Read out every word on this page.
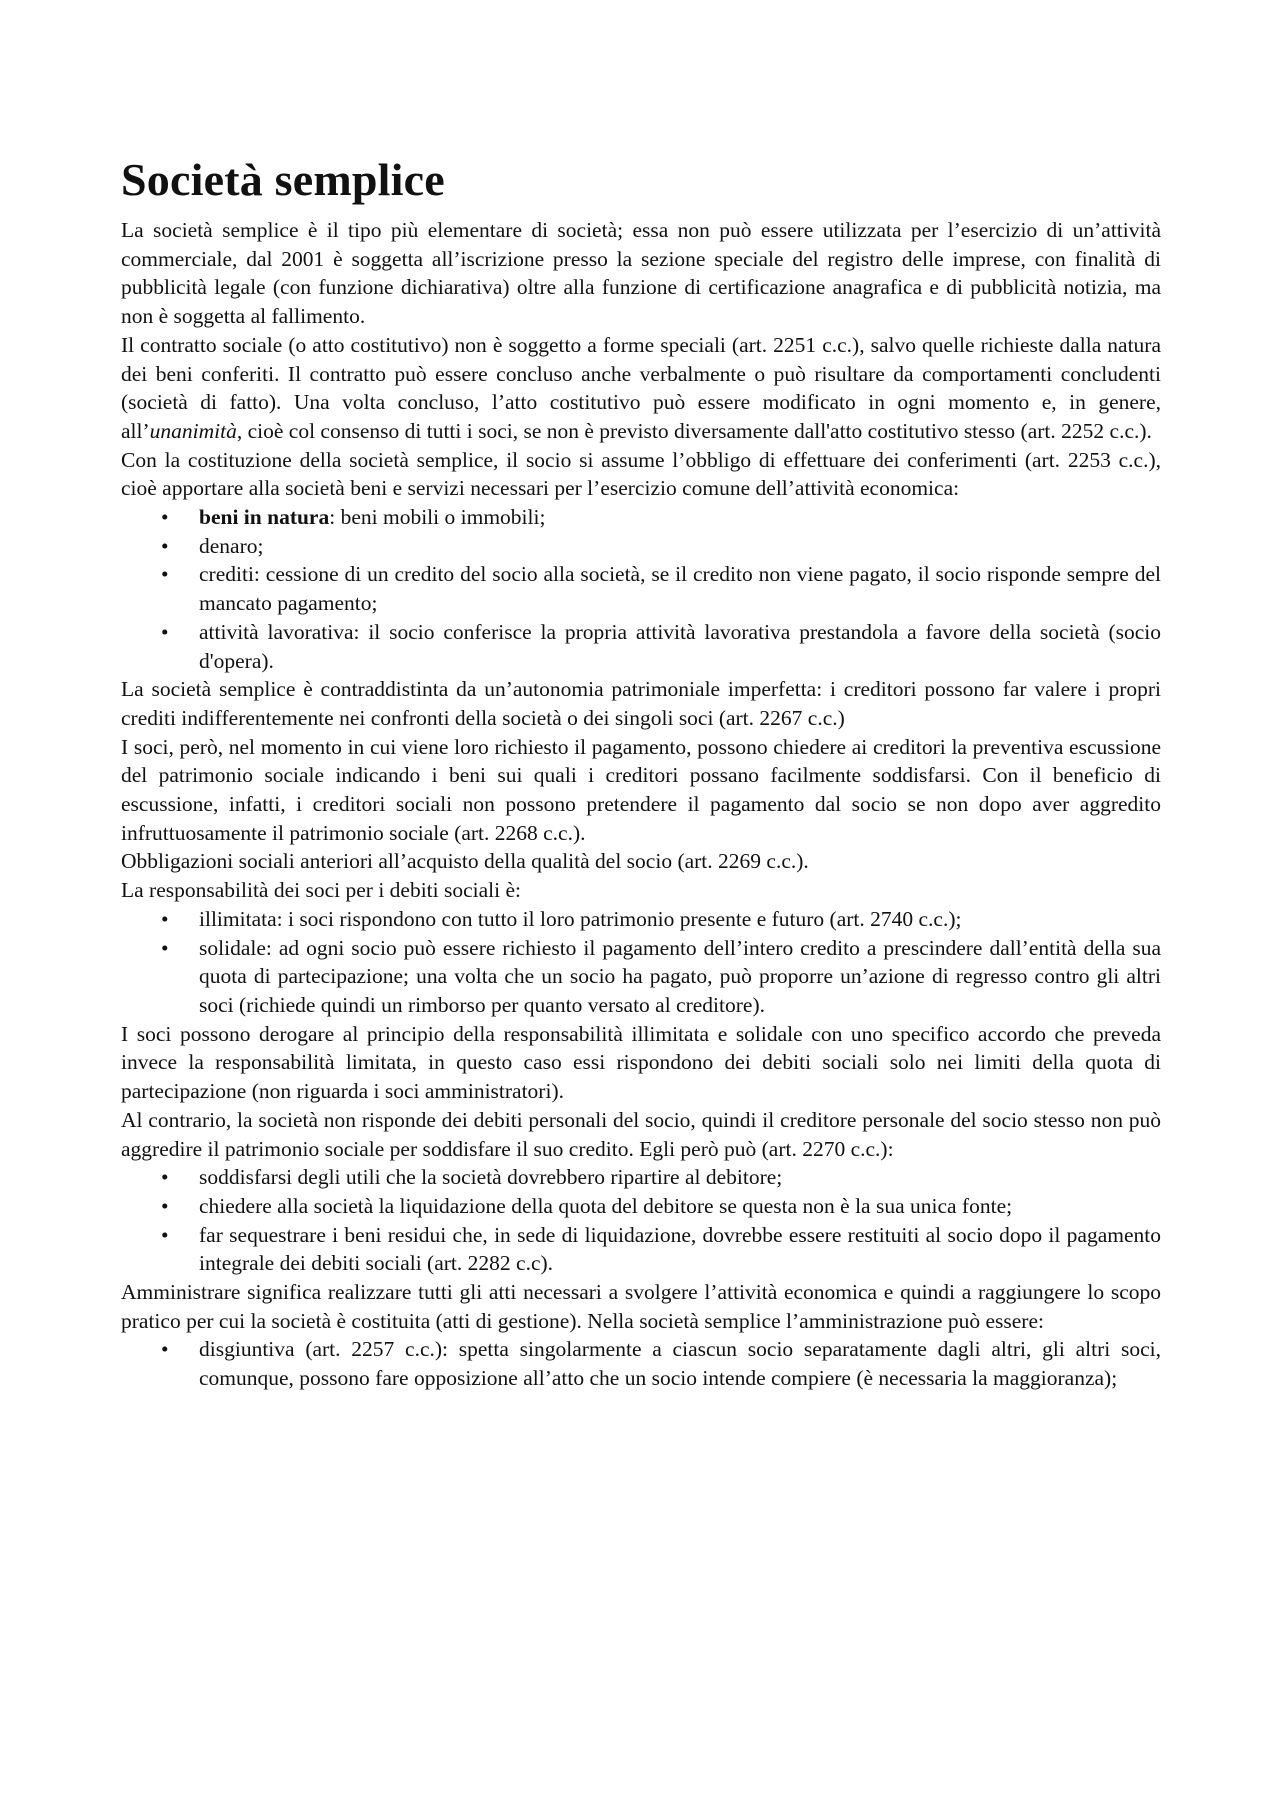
Società semplice

La società semplice è il tipo più elementare di società; essa non può essere utilizzata per l’esercizio di un’attività commerciale, dal 2001 è soggetta all’iscrizione presso la sezione speciale del registro delle imprese, con finalità di pubblicità legale (con funzione dichiarativa) oltre alla funzione di certificazione anagrafica e di pubblicità notizia, ma non è soggetta al fallimento.

Il contratto sociale (o atto costitutivo) non è soggetto a forme speciali (art. 2251 c.c.), salvo quelle richieste dalla natura dei beni conferiti. Il contratto può essere concluso anche verbalmente o può risultare da comportamenti concludenti (società di fatto). Una volta concluso, l’atto costitutivo può essere modificato in ogni momento e, in genere, all’unanimità, cioè col consenso di tutti i soci, se non è previsto diversamente dall'atto costitutivo stesso (art. 2252 c.c.).

Con la costituzione della società semplice, il socio si assume l’obbligo di effettuare dei conferimenti (art. 2253 c.c.), cioè apportare alla società beni e servizi necessari per l’esercizio comune dell’attività economica:

• beni in natura: beni mobili o immobili;
• denaro;
• crediti: cessione di un credito del socio alla società, se il credito non viene pagato, il socio risponde sempre del mancato pagamento;
• attività lavorativa: il socio conferisce la propria attività lavorativa prestandola a favore della società (socio d'opera).

La società semplice è contraddistinta da un’autonomia patrimoniale imperfetta: i creditori possono far valere i propri crediti indifferentemente nei confronti della società o dei singoli soci (art. 2267 c.c.)

I soci, però, nel momento in cui viene loro richiesto il pagamento, possono chiedere ai creditori la preventiva escussione del patrimonio sociale indicando i beni sui quali i creditori possano facilmente soddisfarsi. Con il beneficio di escussione, infatti, i creditori sociali non possono pretendere il pagamento dal socio se non dopo aver aggredito infruttuosamente il patrimonio sociale (art. 2268 c.c.).

Obbligazioni sociali anteriori all’acquisto della qualità del socio (art. 2269 c.c.).

La responsabilità dei soci per i debiti sociali è:

• illimitata: i soci rispondono con tutto il loro patrimonio presente e futuro (art. 2740 c.c.);
• solidale: ad ogni socio può essere richiesto il pagamento dell’intero credito a prescindere dall’entità della sua quota di partecipazione; una volta che un socio ha pagato, può proporre un’azione di regresso contro gli altri soci (richiede quindi un rimborso per quanto versato al creditore).

I soci possono derogare al principio della responsabilità illimitata e solidale con uno specifico accordo che preveda invece la responsabilità limitata, in questo caso essi rispondono dei debiti sociali solo nei limiti della quota di partecipazione (non riguarda i soci amministratori).

Al contrario, la società non risponde dei debiti personali del socio, quindi il creditore personale del socio stesso non può aggredire il patrimonio sociale per soddisfare il suo credito. Egli però può (art. 2270 c.c.):

• soddisfarsi degli utili che la società dovrebbero ripartire al debitore;
• chiedere alla società la liquidazione della quota del debitore se questa non è la sua unica fonte;
• far sequestrare i beni residui che, in sede di liquidazione, dovrebbe essere restituiti al socio dopo il pagamento integrale dei debiti sociali (art. 2282 c.c).

Amministrare significa realizzare tutti gli atti necessari a svolgere l’attività economica e quindi a raggiungere lo scopo pratico per cui la società è costituita (atti di gestione). Nella società semplice l’amministrazione può essere:

• disgiuntiva (art. 2257 c.c.): spetta singolarmente a ciascun socio separatamente dagli altri, gli altri soci, comunque, possono fare opposizione all’atto che un socio intende compiere (è necessaria la maggioranza);
